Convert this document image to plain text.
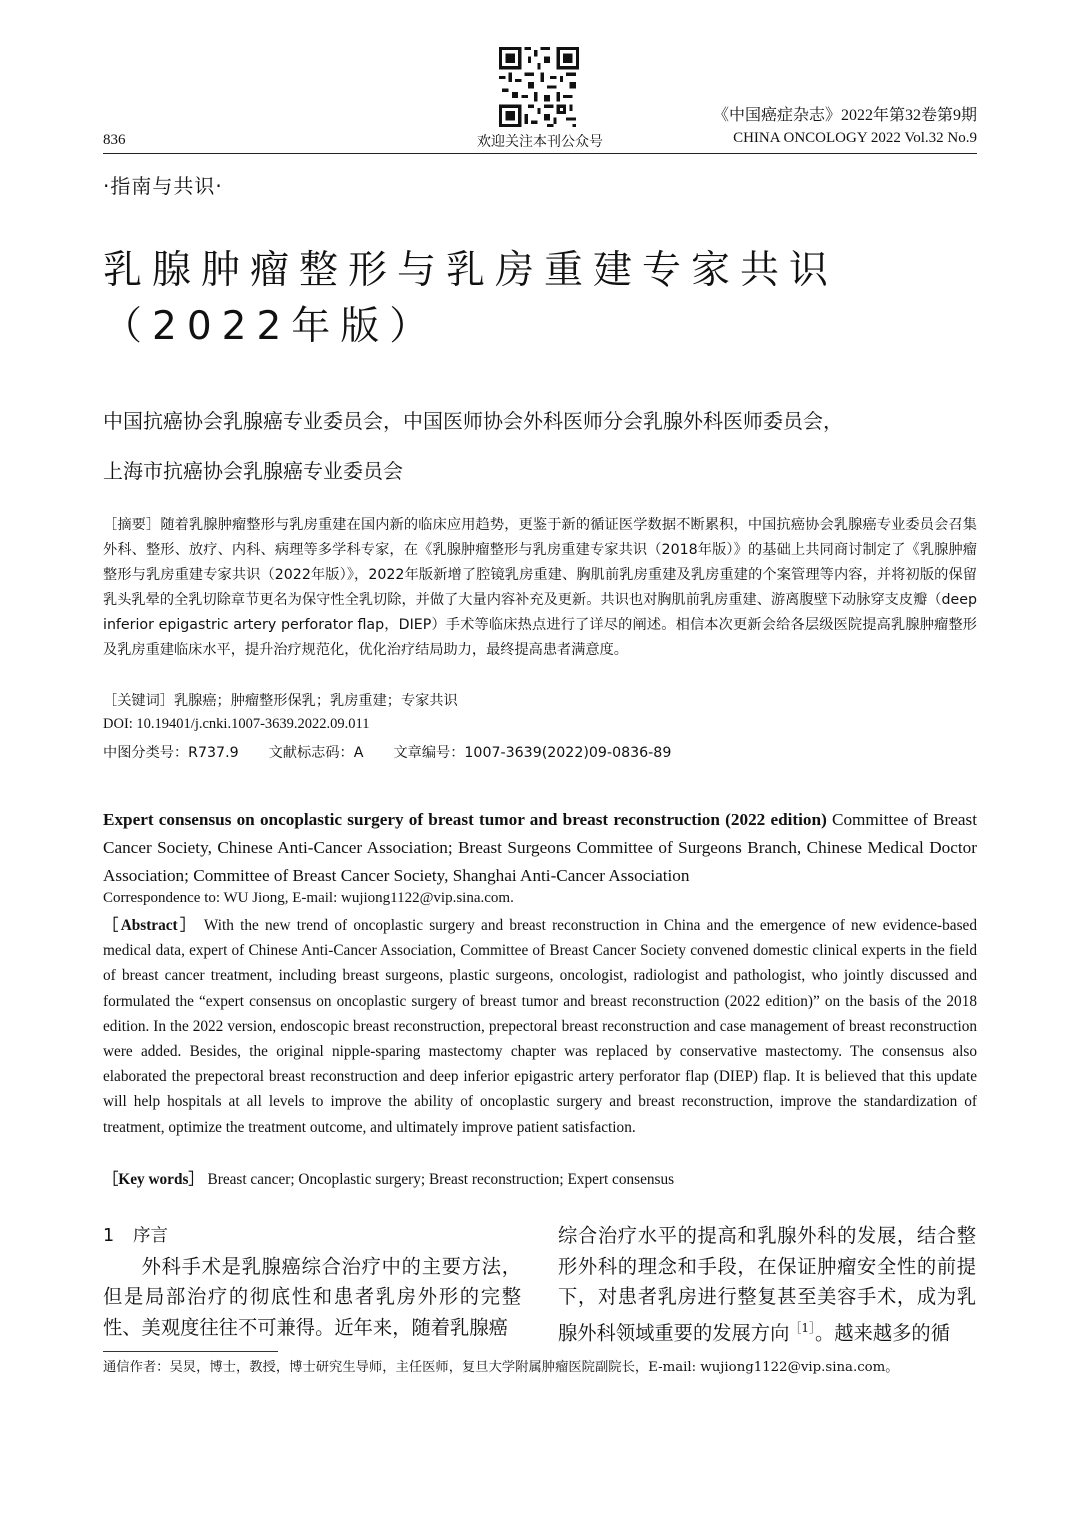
836	欢迎关注本刊公众号
《中国癌症杂志》2022年第32卷第9期
CHINA ONCOLOGY 2022 Vol.32 No.9
·指南与共识·
乳腺肿瘤整形与乳房重建专家共识
（2022年版）
中国抗癌协会乳腺癌专业委员会，中国医师协会外科医师分会乳腺外科医师委员会，
上海市抗癌协会乳腺癌专业委员会
［摘要］随着乳腺肿瘤整形与乳房重建在国内新的临床应用趋势，更鉴于新的循证医学数据不断累积，中国抗癌协会乳腺癌专业委员会召集外科、整形、放疗、内科、病理等多学科专家，在《乳腺肿瘤整形与乳房重建专家共识（2018年版）》的基础上共同商讨制定了《乳腺肿瘤整形与乳房重建专家共识（2022年版）》，2022年版新增了腔镜乳房重建、胸肌前乳房重建及乳房重建的个案管理等内容，并将初版的保留乳头乳晕的全乳切除章节更名为保守性全乳切除，并做了大量内容补充及更新。共识也对胸肌前乳房重建、游离腹壁下动脉穿支皮瓣（deep inferior epigastric artery perforator flap，DIEP）手术等临床热点进行了详尽的阐述。相信本次更新会给各层级医院提高乳腺肿瘤整形及乳房重建临床水平，提升治疗规范化，优化治疗结局助力，最终提高患者满意度。
［关键词］乳腺癌；肿瘤整形保乳；乳房重建；专家共识
DOI: 10.19401/j.cnki.1007-3639.2022.09.011
中图分类号：R737.9 文献标志码：A 文章编号：1007-3639(2022)09-0836-89
Expert consensus on oncoplastic surgery of breast tumor and breast reconstruction (2022 edition) Committee of Breast Cancer Society, Chinese Anti-Cancer Association; Breast Surgeons Committee of Surgeons Branch, Chinese Medical Doctor Association; Committee of Breast Cancer Society, Shanghai Anti-Cancer Association
Correspondence to: WU Jiong, E-mail: wujiong1122@vip.sina.com.
［Abstract］ With the new trend of oncoplastic surgery and breast reconstruction in China and the emergence of new evidence-based medical data, expert of Chinese Anti-Cancer Association, Committee of Breast Cancer Society convened domestic clinical experts in the field of breast cancer treatment, including breast surgeons, plastic surgeons, oncologist, radiologist and pathologist, who jointly discussed and formulated the “expert consensus on oncoplastic surgery of breast tumor and breast reconstruction (2022 edition)” on the basis of the 2018 edition. In the 2022 version, endoscopic breast reconstruction, prepectoral breast reconstruction and case management of breast reconstruction were added. Besides, the original nipple-sparing mastectomy chapter was replaced by conservative mastectomy. The consensus also elaborated the prepectoral breast reconstruction and deep inferior epigastric artery perforator flap (DIEP) flap. It is believed that this update will help hospitals at all levels to improve the ability of oncoplastic surgery and breast reconstruction, improve the standardization of treatment, optimize the treatment outcome, and ultimately improve patient satisfaction.
［Key words］ Breast cancer; Oncoplastic surgery; Breast reconstruction; Expert consensus
1 序言
外科手术是乳腺癌综合治疗中的主要方法，但是局部治疗的彻底性和患者乳房外形的完整性、美观度往往不可兼得。近年来，随着乳腺癌
综合治疗水平的提高和乳腺外科的发展，结合整形外科的理念和手段，在保证肿瘤安全性的前提下，对患者乳房进行整复甚至美容手术，成为乳腺外科领域重要的发展方向$^{[1]}$。越来越多的循
通信作者：吴炅，博士，教授，博士研究生导师，主任医师，复旦大学附属肿瘤医院副院长，E-mail: wujiong1122@vip.sina.com。
